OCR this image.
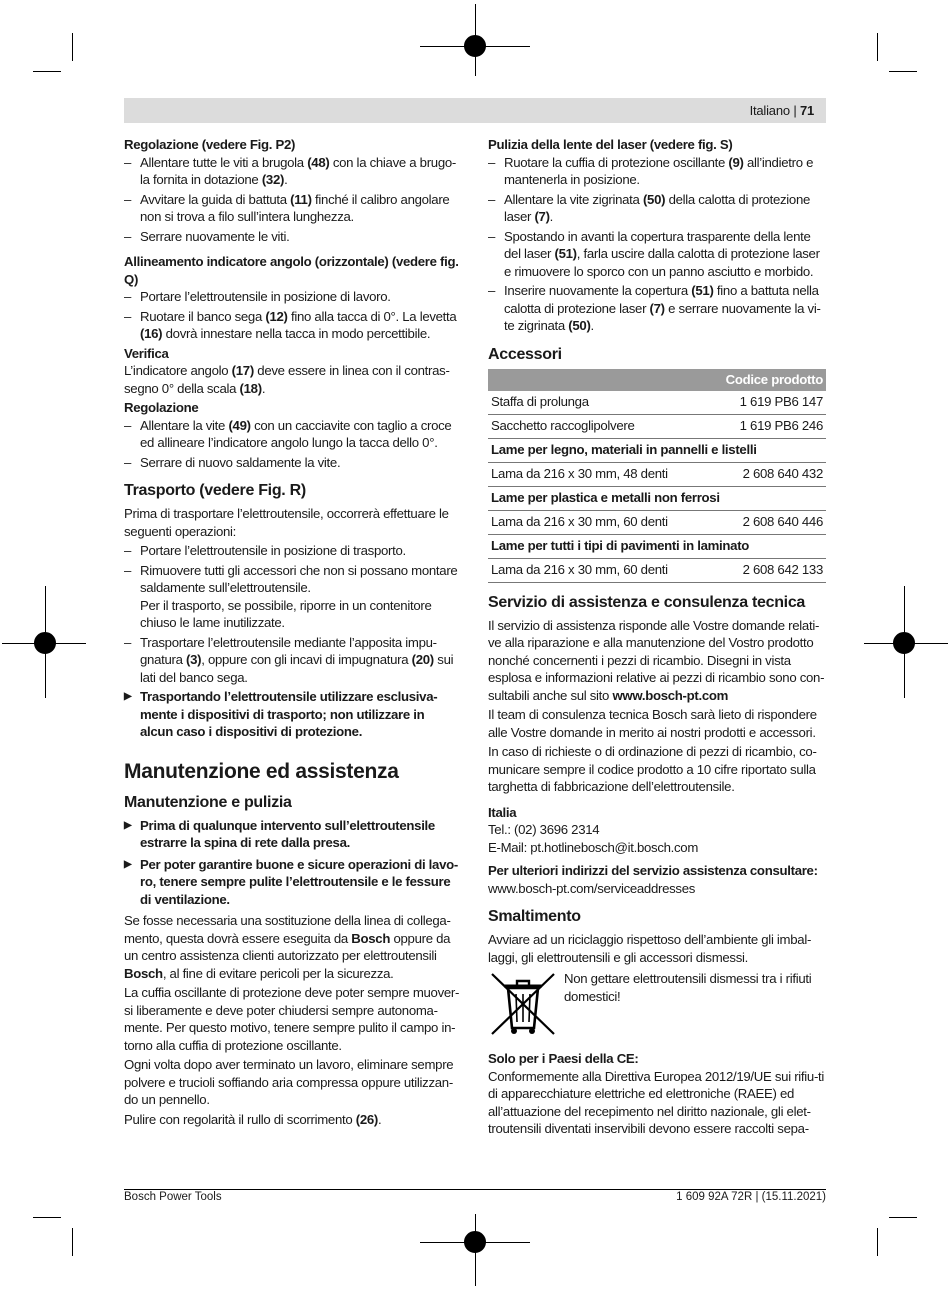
Italiano | 71
Regolazione (vedere Fig. P2)
– Allentare tutte le viti a brugola (48) con la chiave a brugo-la fornita in dotazione (32).
– Avvitare la guida di battuta (11) finché il calibro angolare non si trova a filo sull’intera lunghezza.
– Serrare nuovamente le viti.
Allineamento indicatore angolo (orizzontale) (vedere fig. Q)
– Portare l’elettroutensile in posizione di lavoro.
– Ruotare il banco sega (12) fino alla tacca di 0°. La levetta (16) dovrà innestare nella tacca in modo percettibile.
Verifica

L’indicatore angolo (17) deve essere in linea con il contras-segno 0° della scala (18).

Regolazione
– Allentare la vite (49) con un cacciavite con taglio a croce ed allineare l’indicatore angolo lungo la tacca dello 0°.
– Serrare di nuovo saldamente la vite.
Trasporto (vedere Fig. R)

Prima di trasportare l’elettroutensile, occorrerà effettuare le seguenti operazioni:

– Portare l’elettroutensile in posizione di trasporto.
– Rimuovere tutti gli accessori che non si possano montare saldamente sull’elettroutensile.
Per il trasporto, se possibile, riporre in un contenitore chiuso le lame inutilizzate.
– Trasportare l’elettroutensile mediante l’apposita impu-gnatura (3), oppure con gli incavi di impugnatura (20) sui lati del banco sega.
▶ Trasportando l’elettroutensile utilizzare esclusiva-mente i dispositivi di trasporto; non utilizzare in alcun caso i dispositivi di protezione.
Manutenzione ed assistenza
Manutenzione e pulizia
▶ Prima di qualunque intervento sull’elettroutensile estrarre la spina di rete dalla presa.
▶ Per poter garantire buone e sicure operazioni di lavo-ro, tenere sempre pulite l’elettroutensile e le fessure di ventilazione.

Se fosse necessaria una sostituzione della linea di collega-mento, questa dovrà essere eseguita da Bosch oppure da un centro assistenza clienti autorizzato per elettroutensili Bosch, al fine di evitare pericoli per la sicurezza.

La cuffia oscillante di protezione deve poter sempre muover-si liberamente e deve poter chiudersi sempre autonoma-mente. Per questo motivo, tenere sempre pulito il campo in-torno alla cuffia di protezione oscillante.

Ogni volta dopo aver terminato un lavoro, eliminare sempre polvere e trucioli soffiando aria compressa oppure utilizzan-do un pennello.

Pulire con regolarità il rullo di scorrimento (26).

Pulizia della lente del laser (vedere fig. S)
– Ruotare la cuffia di protezione oscillante (9) all’indietro e mantenerla in posizione.
– Allentare la vite zigrinata (50) della calotta di protezione laser (7).
– Spostando in avanti la copertura trasparente della lente del laser (51), farla uscire dalla calotta di protezione laser e rimuovere lo sporco con un panno asciutto e morbido.
– Inserire nuovamente la copertura (51) fino a battuta nella calotta di protezione laser (7) e serrare nuovamente la vi-te zigrinata (50).
Accessori
	Codice prodotto
Staffa di prolunga	1 619 PB6 147
Sacchetto raccoglipolvere	1 619 PB6 246
Lame per legno, materiali in pannelli e listelli	
Lama da 216 x 30 mm, 48 denti	2 608 640 432
Lame per plastica e metalli non ferrosi	
Lama da 216 x 30 mm, 60 denti	2 608 640 446
Lame per tutti i tipi di pavimenti in laminato	
Lama da 216 x 30 mm, 60 denti	2 608 642 133
Servizio di assistenza e consulenza tecnica

Il servizio di assistenza risponde alle Vostre domande relati-ve alla riparazione e alla manutenzione del Vostro prodotto nonché concernenti i pezzi di ricambio. Disegni in vista esplosa e informazioni relative ai pezzi di ricambio sono con-sultabili anche sul sito www.bosch-pt.com

Il team di consulenza tecnica Bosch sarà lieto di rispondere alle Vostre domande in merito ai nostri prodotti e accessori.

In caso di richieste o di ordinazione di pezzi di ricambio, co-municare sempre il codice prodotto a 10 cifre riportato sulla targhetta di fabbricazione dell’elettroutensile.

Italia
Tel.: (02) 3696 2314
E-Mail: pt.hotlinebosch@it.bosch.com
Per ulteriori indirizzi del servizio assistenza consultare:
www.bosch-pt.com/serviceaddresses
Smaltimento

Avviare ad un riciclaggio rispettoso dell’ambiente gli imbal-laggi, gli elettroutensili e gli accessori dismessi.

Non gettare elettroutensili dismessi tra i rifiuti domestici!
Solo per i Paesi della CE:

Conformemente alla Direttiva Europea 2012/19/UE sui rifiu-ti di apparecchiature elettriche ed elettroniche (RAEE) ed all’attuazione del recepimento nel diritto nazionale, gli elet-troutensili diventati inservibili devono essere raccolti sepa-

Bosch Power Tools	1 609 92A 72R | (15.11.2021)
